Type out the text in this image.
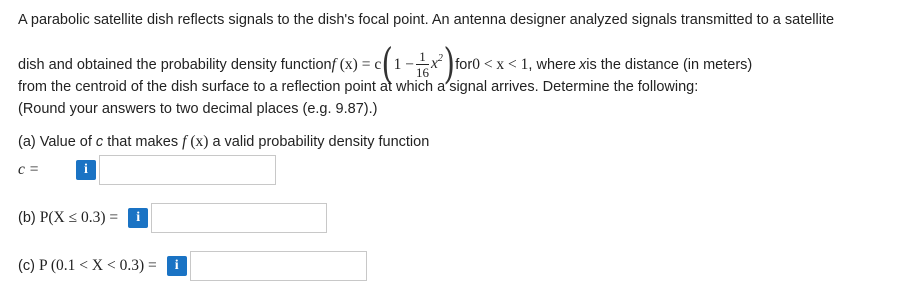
A parabolic satellite dish reflects signals to the dish's focal point. An antenna designer analyzed signals transmitted to a satellite
dish and obtained the probability density function f (x) = c ( $1 - \frac{1}{16} x^2$ ) for 0 < x < 1 , where x is the distance (in meters)
from the centroid of the dish surface to a reflection point at which a signal arrives. Determine the following:
(Round your answers to two decimal places (e.g. 9.87).)
(a) Value of c that makes f (x) a valid probability density function
c =	i
(b) P(X ≤ 0.3) =	i
(c) P (0.1 < X < 0.3) =	i
